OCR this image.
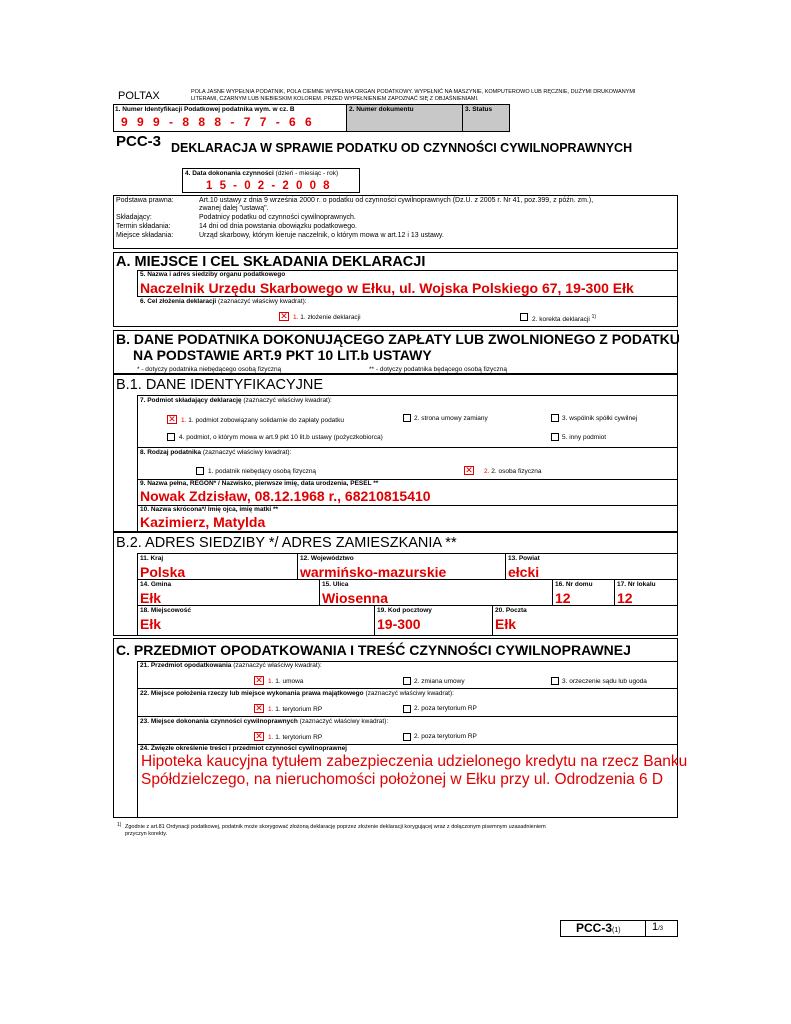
POLTAX	POLA JASNE WYPEŁNIA PODATNIK, POLA CIEMNE WYPEŁNIA ORGAN PODATKOWY. WYPEŁNIĆ NA MASZYNIE, KOMPUTEROWO LUB RĘCZNIE, DUŻYMI DRUKOWANYMI LITERAMI, CZARNYM LUB NIEBIESKIM KOLOREM. PRZED WYPEŁNIENIEM ZAPOZNAĆ SIĘ Z OBJAŚNIENIAMI.
1. Numer Identyfikacji Podatkowej podatnika wym. w cz. B
9 9 9 - 8 8 8 - 7 7 - 6 6
2. Numer dokumentu	3. Status
PCC-3 DEKLARACJA W SPRAWIE PODATKU OD CZYNNOŚCI CYWILNOPRAWNYCH
4. Data dokonania czynności (dzień - miesiąc - rok)
1 5 - 0 2 - 2 0 0 8
Podstawa prawna:	Art.10 ustawy z dnia 9 września 2000 r. o podatku od czynności cywilnoprawnych (Dz.U. z 2005 r. Nr 41, poz.399, z późn. zm.),
zwanej dalej "ustawą".
Składający:	Podatnicy podatku od czynności cywilnoprawnych.
Termin składania:	14 dni od dnia powstania obowiązku podatkowego.
Miejsce składania:	Urząd skarbowy, którym kieruje naczelnik, o którym mowa w art.12 i 13 ustawy.
A. MIEJSCE I CEL SKŁADANIA DEKLARACJI
5. Nazwa i adres siedziby organu podatkowego
Naczelnik Urzędu Skarbowego w Ełku, ul. Wojska Polskiego 67, 19-300 Ełk
6. Cel złożenia deklaracji (zaznaczyć właściwy kwadrat):
✕ 1. 1. złożenie deklaracji	2. korekta deklaracji $^{1)}$
B. DANE PODATNIKA DOKONUJĄCEGO ZAPŁATY LUB ZWOLNIONEGO Z PODATKU
NA PODSTAWIE ART.9 PKT 10 LIT.b USTAWY
* - dotyczy podatnika niebędącego osobą fizyczną	** - dotyczy podatnika będącego osobą fizyczną
B.1. DANE IDENTYFIKACYJNE
7. Podmiot składający deklarację (zaznaczyć właściwy kwadrat):
✕ 1. 1. podmiot zobowiązany solidarnie do zapłaty podatku	2. strona umowy zamiany	3. wspólnik spółki cywilnej
4. podmiot, o którym mowa w art.9 pkt 10 lit.b ustawy (pożyczkobiorca)	5. inny podmiot
8. Rodzaj podatnika (zaznaczyć właściwy kwadrat):
1. podatnik niebędący osobą fizyczną	✕ 2. 2. osoba fizyczna
9. Nazwa pełna, REGON* / Nazwisko, pierwsze imię, data urodzenia, PESEL **
Nowak Zdzisław, 08.12.1968 r., 68210815410
10. Nazwa skrócona*/ Imię ojca, imię matki **
Kazimierz, Matylda
B.2. ADRES SIEDZIBY */ ADRES ZAMIESZKANIA **
11. Kraj
Polska
12. Województwo
warmińsko-mazurskie
13. Powiat
ełcki
14. Gmina
Ełk
15. Ulica
Wiosenna
16. Nr domu
12
17. Nr lokalu
12
18. Miejscowość
Ełk
19. Kod pocztowy
19-300
20. Poczta
Ełk
C. PRZEDMIOT OPODATKOWANIA I TREŚĆ CZYNNOŚCI CYWILNOPRAWNEJ
21. Przedmiot opodatkowania (zaznaczyć właściwy kwadrat):
✕ 1. 1. umowa	2. zmiana umowy	3. orzeczenie sądu lub ugoda
22. Miejsce położenia rzeczy lub miejsce wykonania prawa majątkowego (zaznaczyć właściwy kwadrat):
✕ 1. 1. terytorium RP	2. poza terytorium RP
23. Miejsce dokonania czynności cywilnoprawnych (zaznaczyć właściwy kwadrat):
✕ 1. 1. terytorium RP	2. poza terytorium RP
24. Zwięzłe określenie treści i przedmiot czynności cywilnoprawnej
Hipoteka kaucyjna tytułem zabezpieczenia udzielonego kredytu na rzecz Banku
Spółdzielczego, na nieruchomości położonej w Ełku przy ul. Odrodzenia 6 D
1) Zgodnie z art.81 Ordynacji podatkowej, podatnik może skorygować złożoną deklarację poprzez złożenie deklaracji korygującej wraz z dołączonym pisemnym uzasadnieniem
przyczyn korekty.
PCC-3(1)	1/3
